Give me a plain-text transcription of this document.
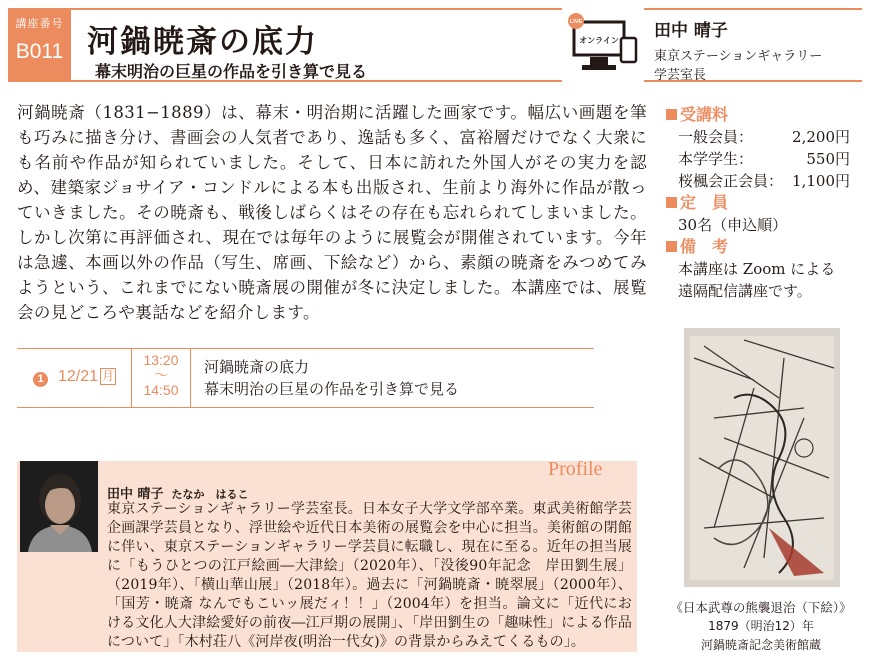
講座番号
B011 河鍋暁斎の底力
幕末明治の巨星の作品を引き算で見る
LIVE
オンライン 田中 晴子
東京ステーションギャラリー
学芸室長

河鍋暁斎（1831−1889）は、幕末・明治期に活躍した画家です。幅広い画題を筆も巧みに描き分け、書画会の人気者であり、逸話も多く、富裕層だけでなく大衆にも名前や作品が知られていました。そして、日本に訪れた外国人がその実力を認め、建築家ジョサイア・コンドルによる本も出版され、生前より海外に作品が散っていきました。その暁斎も、戦後しばらくはその存在も忘れられてしまいました。しかし次第に再評価され、現在では毎年のように展覧会が開催されています。今年は急遽、本画以外の作品（写生、席画、下絵など）から、素顔の暁斎をみつめてみようという、これまでにない暁斎展の開催が冬に決定しました。本講座では、展覧会の見どころや裏話などを紹介します。

受講料
一般会員：	2,200円
本学学生：	550円
桜楓会正会員： 1,100円
定　員
30名（申込順）
備　考
本講座は Zoom による
遠隔配信講座です。
1 12/21 月
13:20
〜
14:50
河鍋暁斎の底力
幕末明治の巨星の作品を引き算で見る
Profile
田中 晴子 たなか　はるこ

東京ステーションギャラリー学芸室長。日本女子大学文学部卒業。東武美術館学芸企画課学芸員となり、浮世絵や近代日本美術の展覧会を中心に担当。美術館の閉館に伴い、東京ステーションギャラリー学芸員に転職し、現在に至る。近年の担当展に「もうひとつの江戸絵画―大津絵」（2020年）、「没後90年記念　岸田劉生展」（2019年）、「横山華山展」（2018年）。過去に「河鍋暁斎・暁翠展」（2000年）、「国芳・暁斎 なんでもこいッ展だィ！！」（2004年）を担当。論文に「近代における文化人大津絵愛好の前夜―江戸期の展開」、「岸田劉生の「趣味性」による作品について」「木村荘八《河岸夜(明治一代女)》の背景からみえてくるもの」。

《日本武尊の熊襲退治（下絵）》
1879（明治12）年
河鍋暁斎記念美術館蔵
